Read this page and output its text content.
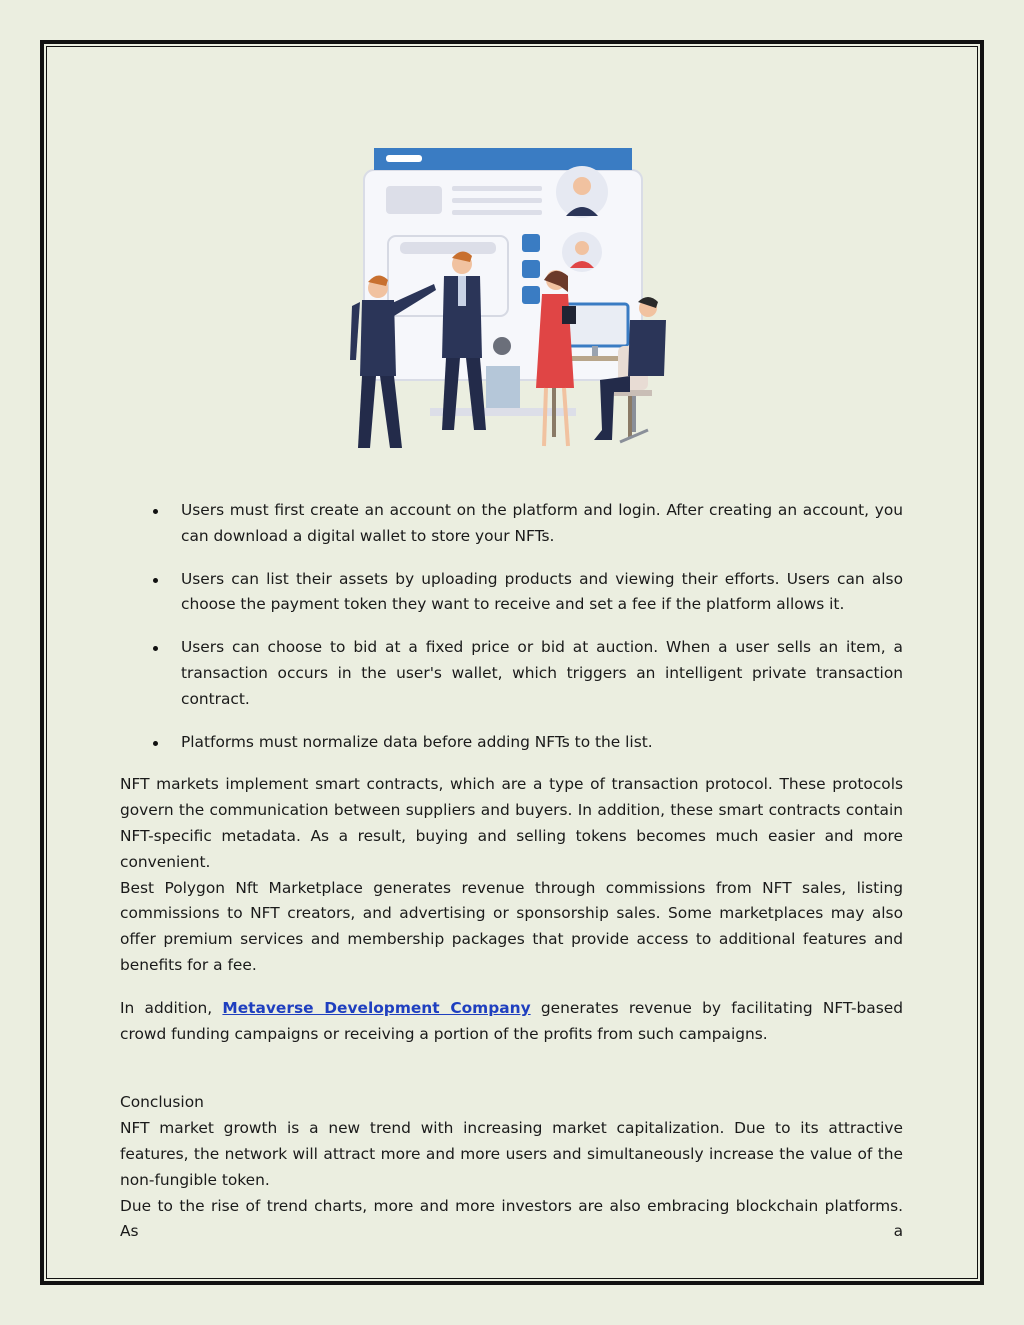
Users must first create an account on the platform and login. After creating an account, you can download a digital wallet to store your NFTs.
Users can list their assets by uploading products and viewing their efforts. Users can also choose the payment token they want to receive and set a fee if the platform allows it.
Users can choose to bid at a fixed price or bid at auction. When a user sells an item, a transaction occurs in the user's wallet, which triggers an intelligent private transaction contract.
Platforms must normalize data before adding NFTs to the list.

NFT markets implement smart contracts, which are a type of transaction protocol. These protocols govern the communication between suppliers and buyers. In addition, these smart contracts contain NFT-specific metadata. As a result, buying and selling tokens becomes much easier and more convenient.

Best Polygon Nft Marketplace generates revenue through commissions from NFT sales, listing commissions to NFT creators, and advertising or sponsorship sales. Some marketplaces may also offer premium services and membership packages that provide access to additional features and benefits for a fee.

In addition, Metaverse Development Company generates revenue by facilitating NFT-based crowd funding campaigns or receiving a portion of the profits from such campaigns.

Conclusion

NFT market growth is a new trend with increasing market capitalization. Due to its attractive features, the network will attract more and more users and simultaneously increase the value of the non-fungible token.

Due to the rise of trend charts, more and more investors are also embracing blockchain platforms. As a
